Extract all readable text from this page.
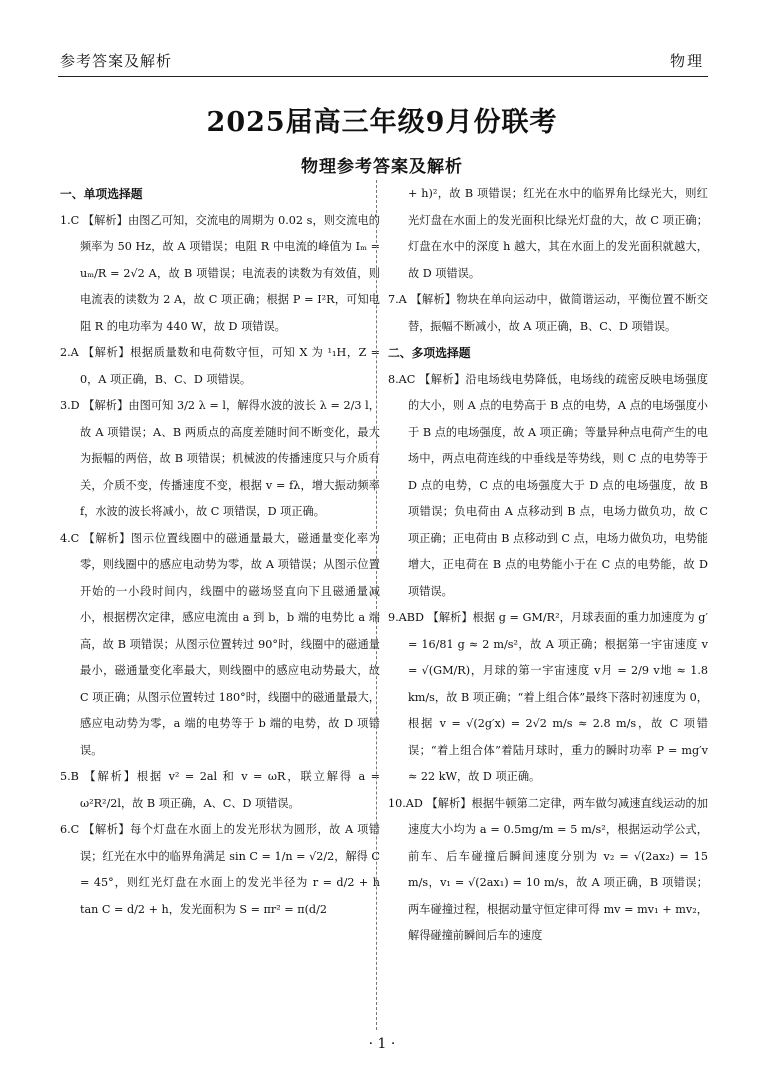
参考答案及解析	物理
2025届高三年级9月份联考
物理参考答案及解析
一、单项选择题

1.C 【解析】由图乙可知，交流电的周期为 0.02 s，则交流电的频率为 50 Hz，故 A 项错误；电阻 R 中电流的峰值为 Iₘ = uₘ/R = 2√2 A，故 B 项错误；电流表的读数为有效值，则电流表的读数为 2 A，故 C 项正确；根据 P = I²R，可知电阻 R 的电功率为 440 W，故 D 项错误。

2.A 【解析】根据质量数和电荷数守恒，可知 X 为 ¹₁H，Z = 0，A 项正确，B、C、D 项错误。

3.D 【解析】由图可知 3/2 λ = l，解得水波的波长 λ = 2/3 l，故 A 项错误；A、B 两质点的高度差随时间不断变化，最大为振幅的两倍，故 B 项错误；机械波的传播速度只与介质有关，介质不变，传播速度不变，根据 v = fλ，增大振动频率 f，水波的波长将减小，故 C 项错误，D 项正确。

4.C 【解析】图示位置线圈中的磁通量最大，磁通量变化率为零，则线圈中的感应电动势为零，故 A 项错误；从图示位置开始的一小段时间内，线圈中的磁场竖直向下且磁通量减小，根据楞次定律，感应电流由 a 到 b，b 端的电势比 a 端高，故 B 项错误；从图示位置转过 90°时，线圈中的磁通量最小，磁通量变化率最大，则线圈中的感应电动势最大，故 C 项正确；从图示位置转过 180°时，线圈中的磁通量最大，感应电动势为零，a 端的电势等于 b 端的电势，故 D 项错误。

5.B 【解析】根据 v² = 2al 和 v = ωR，联立解得 a = ω²R²/2l，故 B 项正确，A、C、D 项错误。

6.C 【解析】每个灯盘在水面上的发光形状为圆形，故 A 项错误；红光在水中的临界角满足 sin C = 1/n = √2/2，解得 C = 45°，则红光灯盘在水面上的发光半径为 r = d/2 + h tan C = d/2 + h，发光面积为 S = πr² = π(d/2

+ h)²，故 B 项错误；红光在水中的临界角比绿光大，则红光灯盘在水面上的发光面积比绿光灯盘的大，故 C 项正确；灯盘在水中的深度 h 越大，其在水面上的发光面积就越大，故 D 项错误。

7.A 【解析】物块在单向运动中，做简谐运动，平衡位置不断交替，振幅不断减小，故 A 项正确，B、C、D 项错误。

二、多项选择题

8.AC 【解析】沿电场线电势降低，电场线的疏密反映电场强度的大小，则 A 点的电势高于 B 点的电势，A 点的电场强度小于 B 点的电场强度，故 A 项正确；等量异种点电荷产生的电场中，两点电荷连线的中垂线是等势线，则 C 点的电势等于 D 点的电势，C 点的电场强度大于 D 点的电场强度，故 B 项错误；负电荷由 A 点移动到 B 点，电场力做负功，故 C 项正确；正电荷由 B 点移动到 C 点，电场力做负功，电势能增大，正电荷在 B 点的电势能小于在 C 点的电势能，故 D 项错误。

9.ABD 【解析】根据 g = GM/R²，月球表面的重力加速度为 g′ = 16/81 g ≈ 2 m/s²，故 A 项正确；根据第一宇宙速度 v = √(GM/R)，月球的第一宇宙速度 v月 = 2/9 v地 ≈ 1.8 km/s，故 B 项正确；“着上组合体”最终下落时初速度为 0，根据 v = √(2g′x) = 2√2 m/s ≈ 2.8 m/s，故 C 项错误；“着上组合体”着陆月球时，重力的瞬时功率 P = mg′v ≈ 22 kW，故 D 项正确。

10.AD 【解析】根据牛顿第二定律，两车做匀减速直线运动的加速度大小均为 a = 0.5mg/m = 5 m/s²，根据运动学公式，前车、后车碰撞后瞬间速度分别为 v₂ = √(2ax₂) = 15 m/s，v₁ = √(2ax₁) = 10 m/s，故 A 项正确，B 项错误；两车碰撞过程，根据动量守恒定律可得 mv = mv₁ + mv₂，解得碰撞前瞬间后车的速度

· 1 ·
